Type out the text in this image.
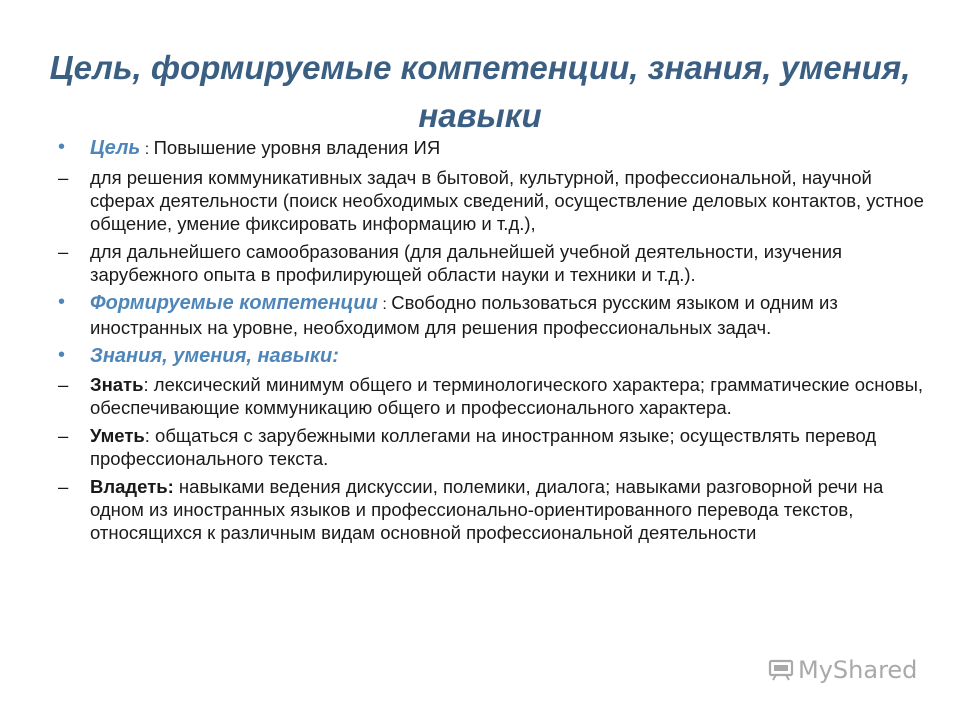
Цель, формируемые компетенции, знания, умения, навыки
•	Цель : Повышение уровня владения ИЯ
–	для решения коммуникативных задач в бытовой, культурной, профессиональной, научной сферах деятельности (поиск необходимых сведений, осуществление деловых контактов, устное общение, умение фиксировать информацию и т.д.),
–	для дальнейшего самообразования (для дальнейшей учебной деятельности, изучения зарубежного опыта в профилирующей области науки и техники и т.д.).
•	Формируемые компетенции : Свободно пользоваться русским языком и одним из иностранных на уровне, необходимом для решения профессиональных задач.
•	Знания, умения, навыки:
–	Знать: лексический минимум общего и терминологического характера; грамматические основы, обеспечивающие коммуникацию общего и профессионального характера.
–	Уметь: общаться с зарубежными коллегами на иностранном языке; осуществлять перевод профессионального текста.
–	Владеть: навыками ведения дискуссии, полемики, диалога; навыками разговорной речи на одном из иностранных языков и профессионально-ориентированного перевода текстов, относящихся к различным видам основной профессиональной деятельности
MyShared
